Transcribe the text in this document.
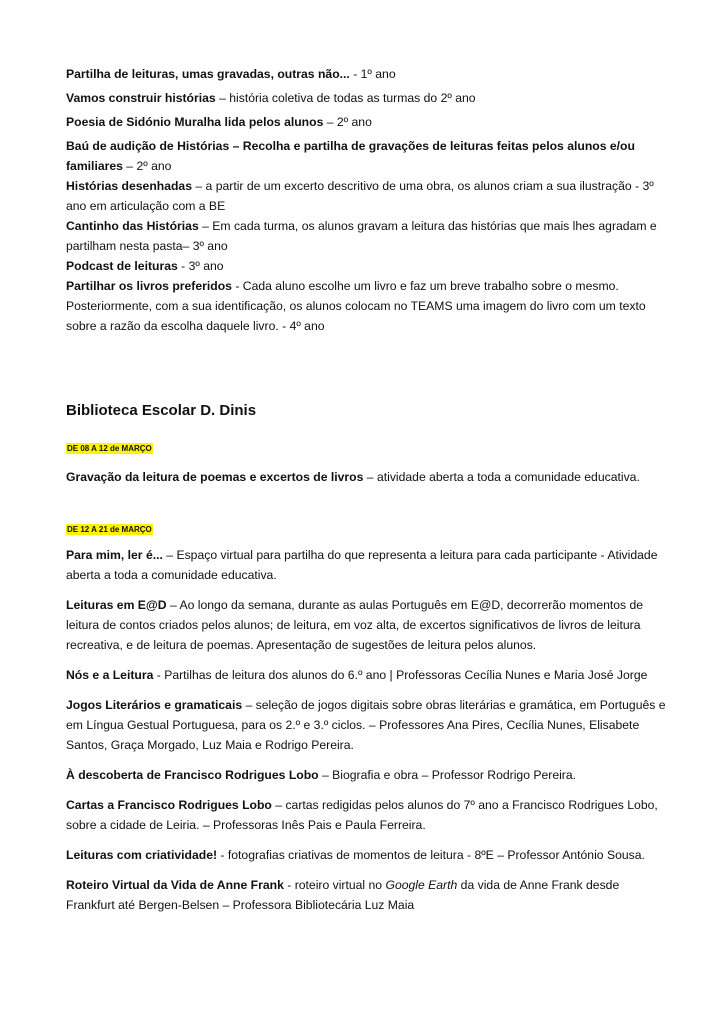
Partilha de leituras, umas gravadas, outras não... - 1º ano
Vamos construir histórias – história coletiva de todas as turmas do 2º ano
Poesia de Sidónio Muralha lida pelos alunos – 2º ano
Baú de audição de Histórias – Recolha e partilha de gravações de leituras feitas pelos alunos e/ou familiares – 2º ano
Histórias desenhadas – a partir de um excerto descritivo de uma obra, os alunos criam a sua ilustração - 3º ano em articulação com a BE
Cantinho das Histórias – Em cada turma, os alunos gravam a leitura das histórias que mais lhes agradam e partilham nesta pasta– 3º ano
Podcast de leituras - 3º ano
Partilhar os livros preferidos - Cada aluno escolhe um livro e faz um breve trabalho sobre o mesmo. Posteriormente, com a sua identificação, os alunos colocam no TEAMS uma imagem do livro com um texto sobre a razão da escolha daquele livro. - 4º ano
Biblioteca Escolar D. Dinis
DE 08 A 12 de MARÇO
Gravação da leitura de poemas e excertos de livros – atividade aberta a toda a comunidade educativa.
DE 12 A 21 de MARÇO
Para mim, ler é... – Espaço virtual para partilha do que representa a leitura para cada participante - Atividade aberta a toda a comunidade educativa.
Leituras em E@D – Ao longo da semana, durante as aulas Português em E@D, decorrerão momentos de leitura de contos criados pelos alunos; de leitura, em voz alta, de excertos significativos de livros de leitura recreativa, e de leitura de poemas. Apresentação de sugestões de leitura pelos alunos.
Nós e a Leitura - Partilhas de leitura dos alunos do 6.º ano | Professoras Cecília Nunes e Maria José Jorge
Jogos Literários e gramaticais – seleção de jogos digitais sobre obras literárias e gramática, em Português e em Língua Gestual Portuguesa, para os 2.º e 3.º ciclos. – Professores Ana Pires, Cecília Nunes, Elisabete Santos, Graça Morgado, Luz Maia e Rodrigo Pereira.
À descoberta de Francisco Rodrigues Lobo – Biografia e obra – Professor Rodrigo Pereira.
Cartas a Francisco Rodrigues Lobo – cartas redigidas pelos alunos do 7º ano a Francisco Rodrigues Lobo, sobre a cidade de Leiria. – Professoras Inês Pais e Paula Ferreira.
Leituras com criatividade! - fotografias criativas de momentos de leitura - 8ºE – Professor António Sousa.
Roteiro Virtual da Vida de Anne Frank - roteiro virtual no Google Earth da vida de Anne Frank desde Frankfurt até Bergen-Belsen – Professora Bibliotecária Luz Maia
